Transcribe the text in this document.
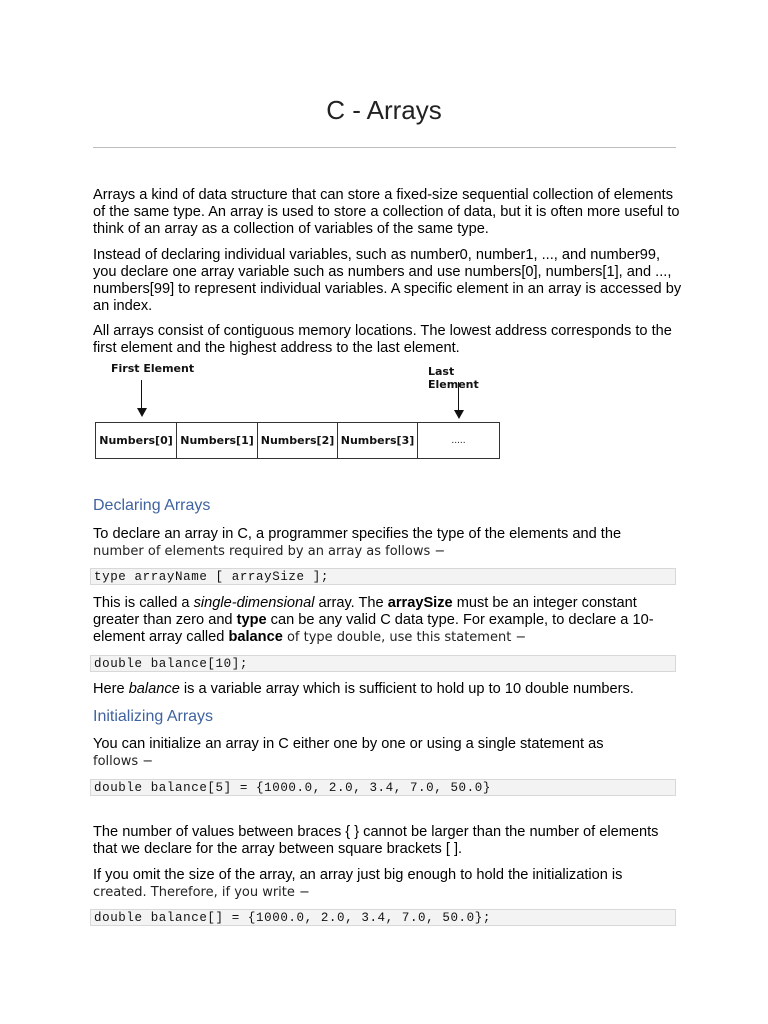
C - Arrays

Arrays a kind of data structure that can store a fixed-size sequential collection of elements of the same type. An array is used to store a collection of data, but it is often more useful to think of an array as a collection of variables of the same type.

Instead of declaring individual variables, such as number0, number1, ..., and number99, you declare one array variable such as numbers and use numbers[0], numbers[1], and ..., numbers[99] to represent individual variables. A specific element in an array is accessed by an index.

All arrays consist of contiguous memory locations. The lowest address corresponds to the first element and the highest address to the last element.

First Element	Last Element
Numbers[0] Numbers[1] Numbers[2] Numbers[3]	.....
Declaring Arrays

To declare an array in C, a programmer specifies the type of the elements and the
number of elements required by an array as follows −

type arrayName [ arraySize ];

This is called a single-dimensional array. The arraySize must be an integer constant greater than zero and type can be any valid C data type. For example, to declare a 10-element array called balance of type double, use this statement −

double balance[10];

Here balance is a variable array which is sufficient to hold up to 10 double numbers.

Initializing Arrays

You can initialize an array in C either one by one or using a single statement as
follows −

double balance[5] = {1000.0, 2.0, 3.4, 7.0, 50.0}

The number of values between braces { } cannot be larger than the number of elements that we declare for the array between square brackets [ ].

If you omit the size of the array, an array just big enough to hold the initialization is
created. Therefore, if you write −

double balance[] = {1000.0, 2.0, 3.4, 7.0, 50.0};
